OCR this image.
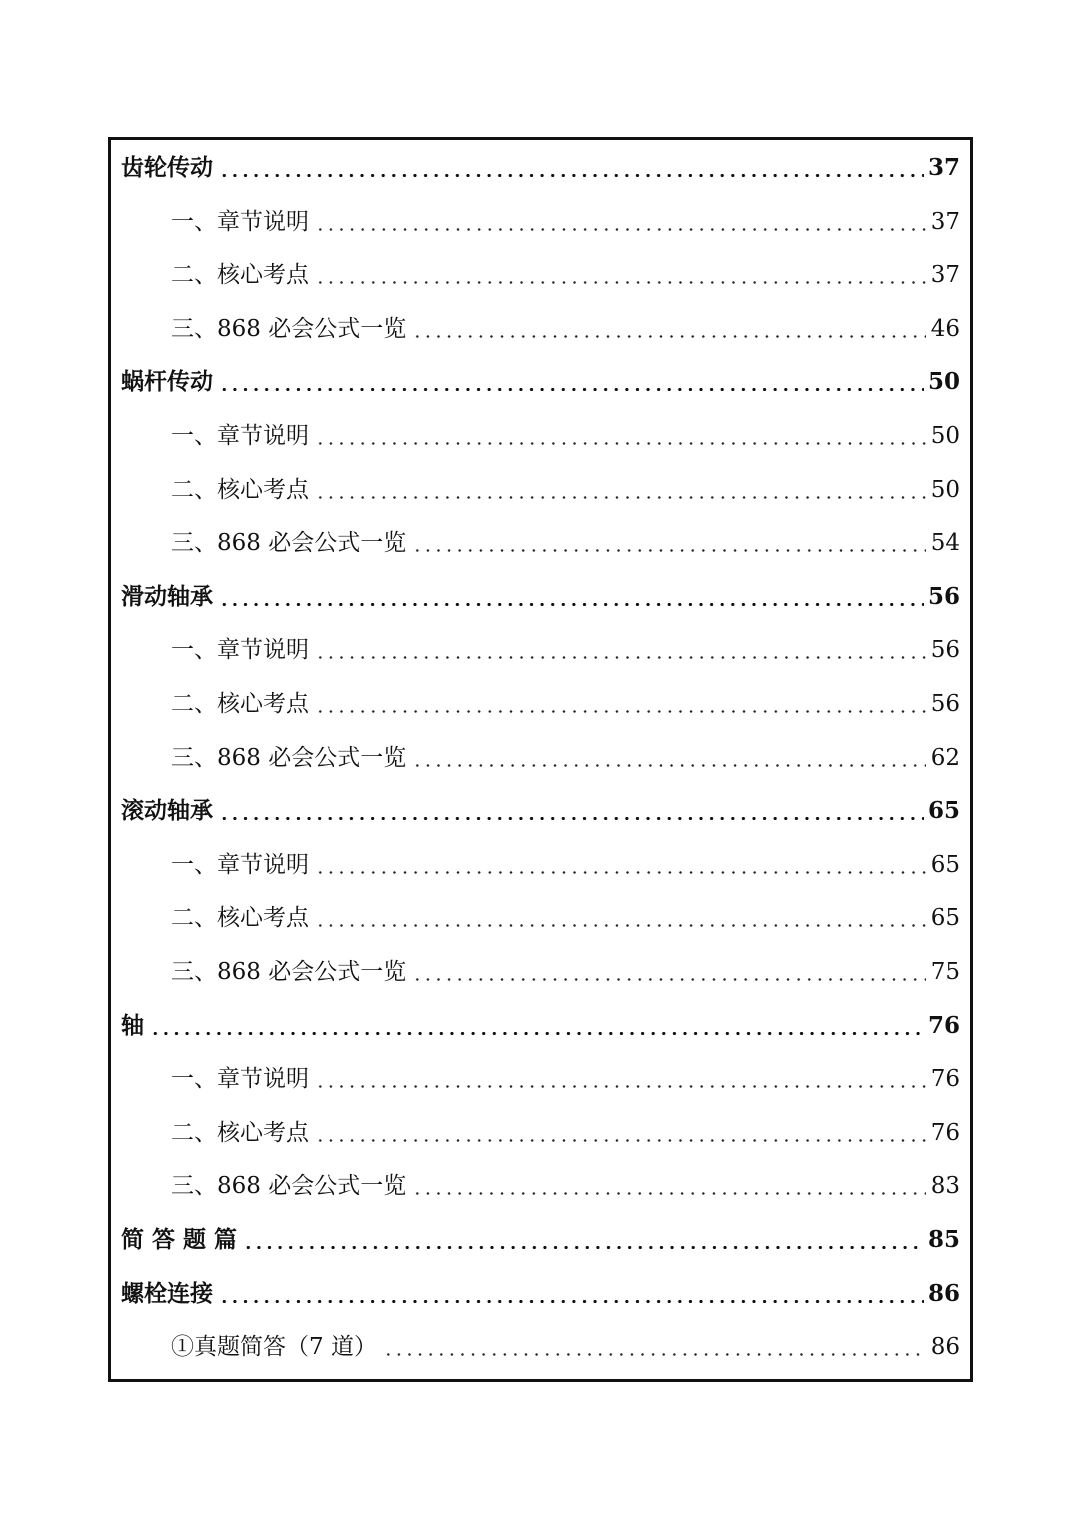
齿轮传动	37
一、章节说明	37
二、核心考点	37
三、868 必会公式一览	46
蜗杆传动	50
一、章节说明	50
二、核心考点	50
三、868 必会公式一览	54
滑动轴承	56
一、章节说明	56
二、核心考点	56
三、868 必会公式一览	62
滚动轴承	65
一、章节说明	65
二、核心考点	65
三、868 必会公式一览	75
轴	76
一、章节说明	76
二、核心考点	76
三、868 必会公式一览	83
简 答 题 篇	85
螺栓连接	86
①真题简答（7 道）	86
